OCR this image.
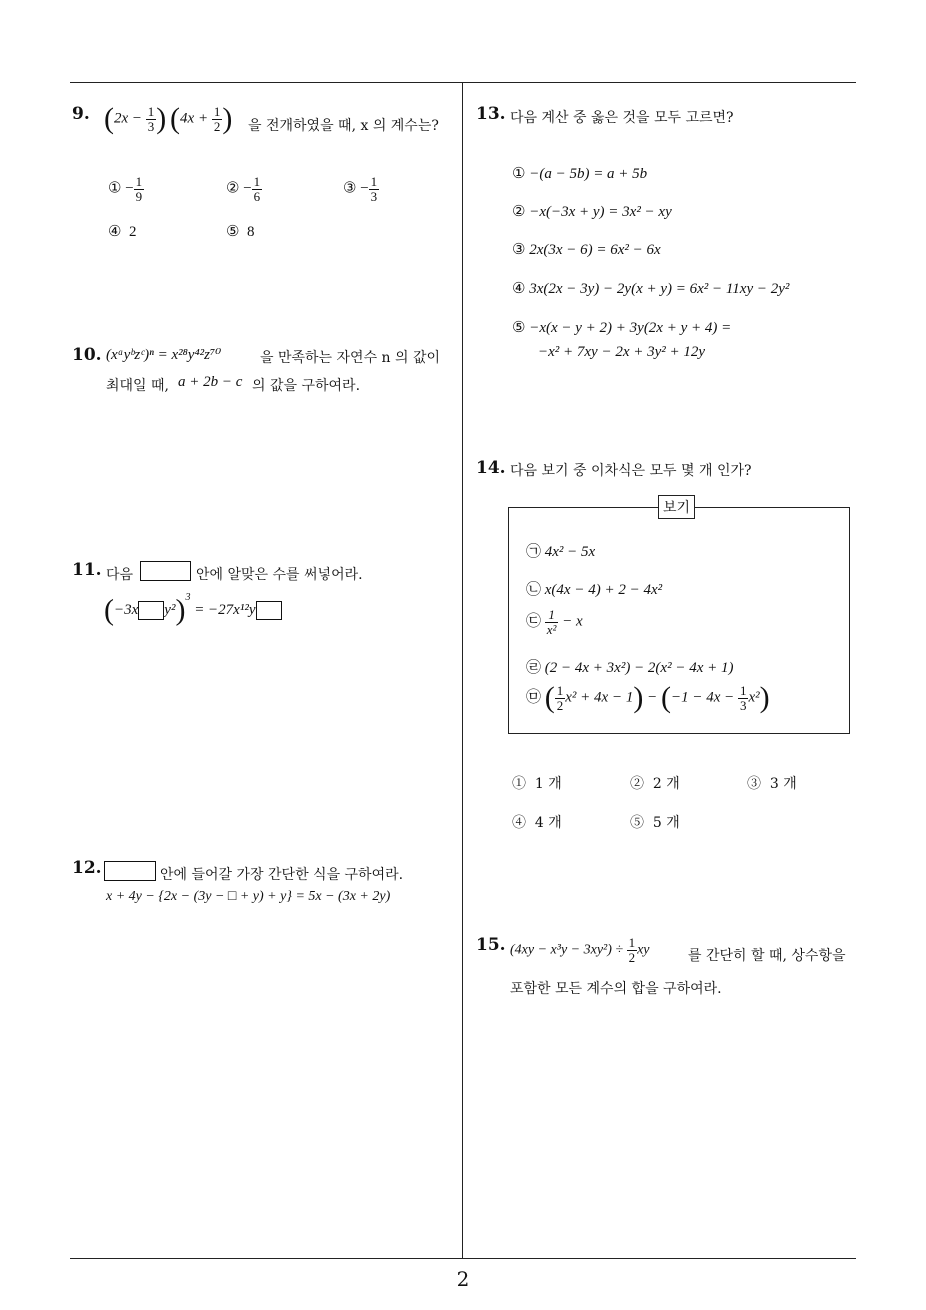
9. ($2x - \frac{1}{3}$ ) ($4x + \frac{1}{2}$ ) 을 전개하였을 때, x 의 계수는?
① − $\frac{1}{9}$	② − $\frac{1}{6}$	③ − $\frac{1}{3}$
④ 2	⑤ 8
10. (xᵃyᵇzᶜ)ⁿ = x²⁸y⁴²z⁷⁰	을 만족하는 자연수 n 의 값이
최대일 때, a + 2b − c 의 값을 구하여라.
11. 다음	안에 알맞은 수를 써넣어라.
(−3x y²)$^3$ = −27x¹²y
12.	안에 들어갈 가장 간단한 식을 구하여라.
x + 4y − {2x − (3y − □ + y) + y} = 5x − (3x + 2y)
13. 다음 계산 중 옳은 것을 모두 고르면?
① −(a − 5b) = a + 5b
② −x(−3x + y) = 3x² − xy
③ 2x(3x − 6) = 6x² − 6x
④ 3x(2x − 3y) − 2y(x + y) = 6x² − 11xy − 2y²
⑤ −x(x − y + 2) + 3y(2x + y + 4) =
−x² + 7xy − 2x + 3y² + 12y
14. 다음 보기 중 이차식은 모두 몇 개 인가?
보기
㉠ 4x² − 5x
㉡ x(4x − 4) + 2 − 4x²
㉢ $\frac{1}{\text{x²}} - x$
㉣ (2 − 4x + 3x²) − 2(x² − 4x + 1)
㉤ ( $\frac{1}{2} x^2 + 4x - 1) - (-1 - 4x - \frac{1}{3} x^2)$
① 1 개	② 2 개	③ 3 개
④ 4 개	⑤ 5 개
15. $(4xy - x^3y - 3xy^2) \div \frac{1}{2}$ xy	를 간단히 할 때, 상수항을
포함한 모든 계수의 합을 구하여라.
2
